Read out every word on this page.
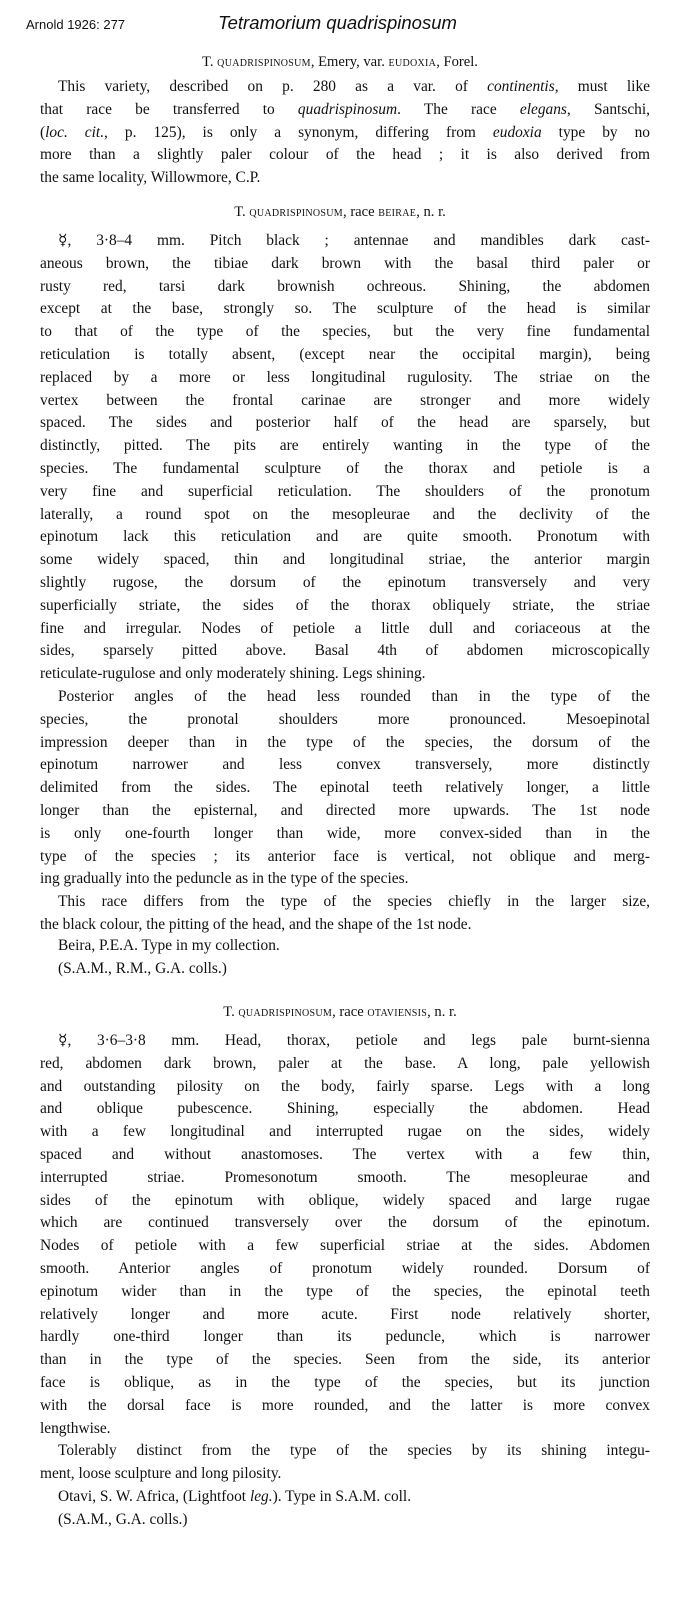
Arnold 1926: 277	Tetramorium quadrispinosum
T. quadrispinosum, Emery, var. eudoxia, Forel.
This variety, described on p. 280 as a var. of continentis, must like
that race be transferred to quadrispinosum. The race elegans, Santschi,
(loc. cit., p. 125), is only a synonym, differing from eudoxia type by no
more than a slightly paler colour of the head ; it is also derived from
the same locality, Willowmore, C.P.
T. quadrispinosum, race beirae, n. r.
☿, 3·8–4 mm. Pitch black ; antennae and mandibles dark cast-
aneous brown, the tibiae dark brown with the basal third paler or
rusty red, tarsi dark brownish ochreous. Shining, the abdomen
except at the base, strongly so. The sculpture of the head is similar
to that of the type of the species, but the very fine fundamental
reticulation is totally absent, (except near the occipital margin), being
replaced by a more or less longitudinal rugulosity. The striae on the
vertex between the frontal carinae are stronger and more widely
spaced. The sides and posterior half of the head are sparsely, but
distinctly, pitted. The pits are entirely wanting in the type of the
species. The fundamental sculpture of the thorax and petiole is a
very fine and superficial reticulation. The shoulders of the pronotum
laterally, a round spot on the mesopleurae and the declivity of the
epinotum lack this reticulation and are quite smooth. Pronotum with
some widely spaced, thin and longitudinal striae, the anterior margin
slightly rugose, the dorsum of the epinotum transversely and very
superficially striate, the sides of the thorax obliquely striate, the striae
fine and irregular. Nodes of petiole a little dull and coriaceous at the
sides, sparsely pitted above. Basal 4th of abdomen microscopically
reticulate-rugulose and only moderately shining. Legs shining.
Posterior angles of the head less rounded than in the type of the
species, the pronotal shoulders more pronounced. Mesoepinotal
impression deeper than in the type of the species, the dorsum of the
epinotum narrower and less convex transversely, more distinctly
delimited from the sides. The epinotal teeth relatively longer, a little
longer than the episternal, and directed more upwards. The 1st node
is only one-fourth longer than wide, more convex-sided than in the
type of the species ; its anterior face is vertical, not oblique and merg-
ing gradually into the peduncle as in the type of the species.
This race differs from the type of the species chiefly in the larger size,
the black colour, the pitting of the head, and the shape of the 1st node.
Beira, P.E.A. Type in my collection.
(S.A.M., R.M., G.A. colls.)
T. quadrispinosum, race otaviensis, n. r.
☿, 3·6–3·8 mm. Head, thorax, petiole and legs pale burnt-sienna
red, abdomen dark brown, paler at the base. A long, pale yellowish
and outstanding pilosity on the body, fairly sparse. Legs with a long
and oblique pubescence. Shining, especially the abdomen. Head
with a few longitudinal and interrupted rugae on the sides, widely
spaced and without anastomoses. The vertex with a few thin,
interrupted striae. Promesonotum smooth. The mesopleurae and
sides of the epinotum with oblique, widely spaced and large rugae
which are continued transversely over the dorsum of the epinotum.
Nodes of petiole with a few superficial striae at the sides. Abdomen
smooth. Anterior angles of pronotum widely rounded. Dorsum of
epinotum wider than in the type of the species, the epinotal teeth
relatively longer and more acute. First node relatively shorter,
hardly one-third longer than its peduncle, which is narrower
than in the type of the species. Seen from the side, its anterior
face is oblique, as in the type of the species, but its junction
with the dorsal face is more rounded, and the latter is more convex
lengthwise.
Tolerably distinct from the type of the species by its shining integu-
ment, loose sculpture and long pilosity.
Otavi, S. W. Africa, (Lightfoot leg.). Type in S.A.M. coll.
(S.A.M., G.A. colls.)
